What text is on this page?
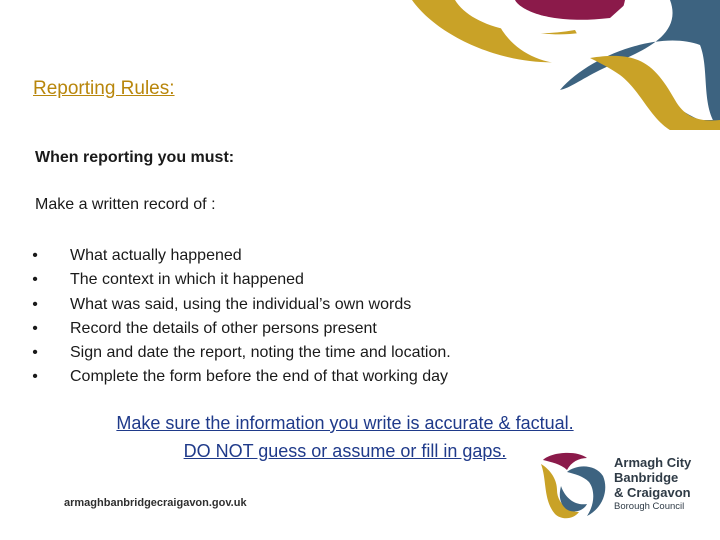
Reporting Rules:
When reporting you must:
Make a written record of :
• What actually happened
• The context in which it happened
• What was said, using the individual’s own words
• Record the details of other persons present
• Sign and date the report, noting the time and location.
• Complete the form before the end of that working day
Make sure the information you write is accurate & factual.
DO NOT guess or assume or fill in gaps.
armaghbanbridgecraigavon.gov.uk
Armagh City
Banbridge
& Craigavon
Borough Council
